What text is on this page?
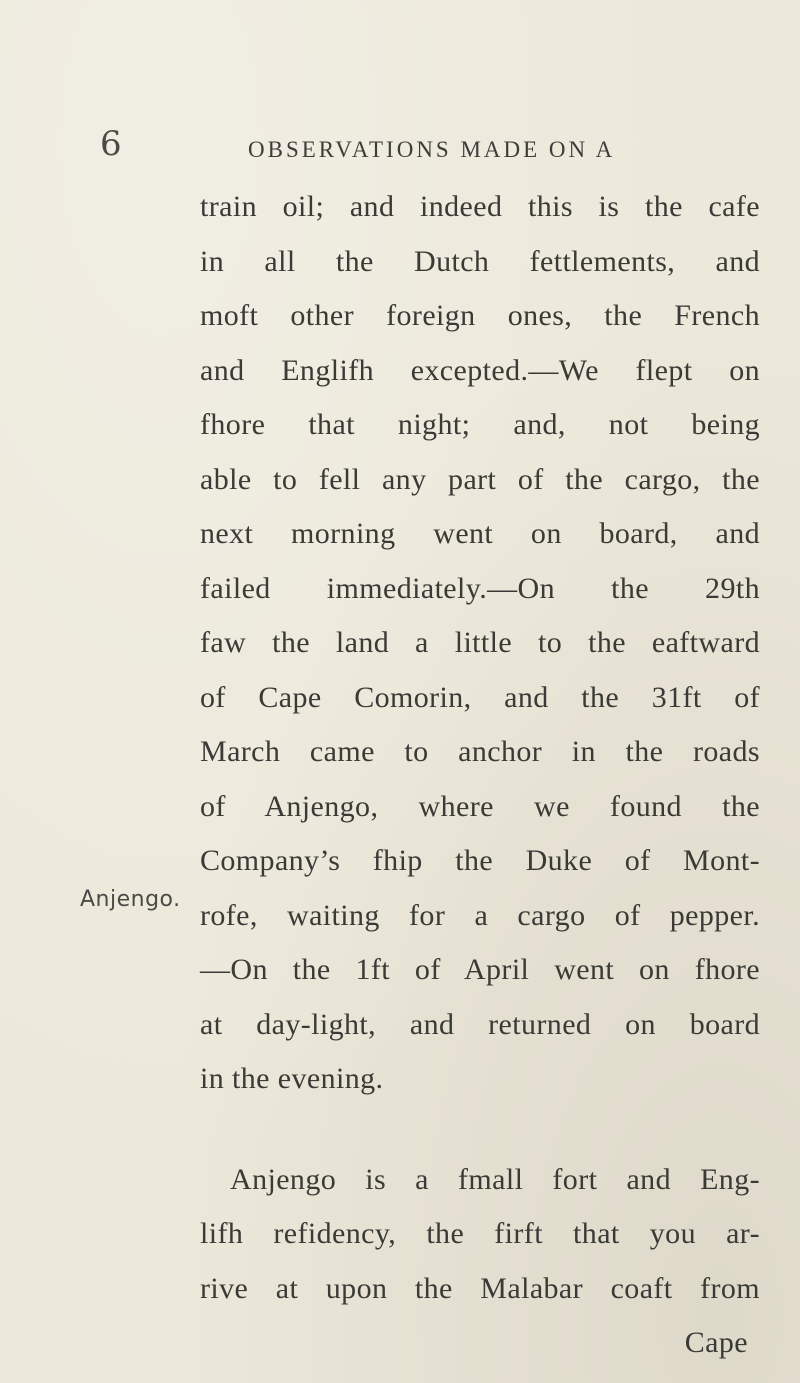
6	OBSERVATIONS MADE ON A
Anjengo.
train oil; and indeed this is the cafe
in all the Dutch fettlements, and
moft other foreign ones, the French
and Englifh excepted.—We flept on
fhore that night; and, not being
able to fell any part of the cargo, the
next morning went on board, and
failed immediately.—On the 29th
faw the land a little to the eaftward
of Cape Comorin, and the 31ft of
March came to anchor in the roads
of Anjengo, where we found the
Company’s fhip the Duke of Mont-
rofe, waiting for a cargo of pepper.
—On the 1ft of April went on fhore
at day-light, and returned on board
in the evening.
Anjengo is a fmall fort and Eng-
lifh refidency, the firft that you ar-
rive at upon the Malabar coaft from
Cape
